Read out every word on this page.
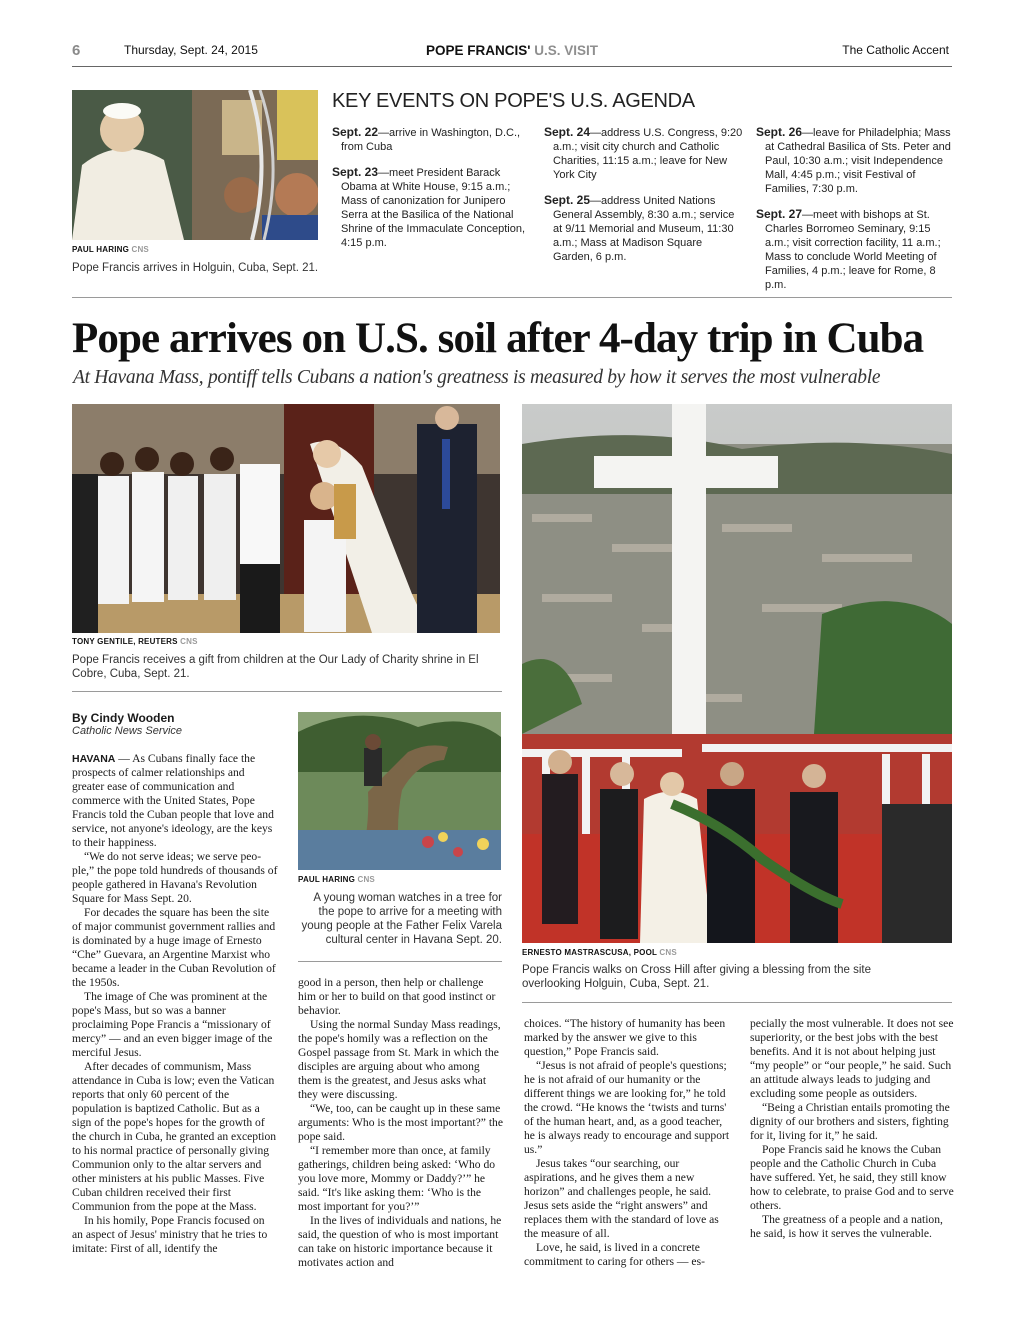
6	Thursday, Sept. 24, 2015	POPE FRANCIS' U.S. VISIT	The Catholic Accent
PAUL HARING CNS
Pope Francis arrives in Holguin, Cuba, Sept. 21.
KEY EVENTS ON POPE'S U.S. AGENDA

Sept. 22—arrive in Washington, D.C., from Cuba

Sept. 23—meet President Barack Obama at White House, 9:15 a.m.; Mass of canonization for Junipero Serra at the Basilica of the National Shrine of the Immaculate Conception, 4:15 p.m.

Sept. 24—address U.S. Congress, 9:20 a.m.; visit city church and Catholic Charities, 11:15 a.m.; leave for New York City

Sept. 25—address United Nations General Assembly, 8:30 a.m.; service at 9/11 Memorial and Museum, 11:30 a.m.; Mass at Madison Square Garden, 6 p.m.

Sept. 26—leave for Philadelphia; Mass at Cathedral Basilica of Sts. Peter and Paul, 10:30 a.m.; visit Independence Mall, 4:45 p.m.; visit Festival of Families, 7:30 p.m.

Sept. 27—meet with bishops at St. Charles Borromeo Seminary, 9:15 a.m.; visit correction facility, 11 a.m.; Mass to conclude World Meeting of Families, 4 p.m.; leave for Rome, 8 p.m.

Pope arrives on U.S. soil after 4-day trip in Cuba
At Havana Mass, pontiff tells Cubans a nation's greatness is measured by how it serves the most vulnerable
TONY GENTILE, REUTERS CNS
Pope Francis receives a gift from children at the Our Lady of Charity shrine in El Cobre, Cuba, Sept. 21.
ERNESTO MASTRASCUSA, POOL CNS
Pope Francis walks on Cross Hill after giving a blessing from the site overlooking Holguin, Cuba, Sept. 21.
PAUL HARING CNS
A young woman watches in a tree for the pope to arrive for a meeting with young people at the Father Felix Varela cultural center in Havana Sept. 20.
By Cindy Wooden
Catholic News Service

HAVANA — As Cubans finally face the prospects of calmer relationships and greater ease of communication and commerce with the United States, Pope Francis told the Cuban people that love and service, not anyone's ideology, are the keys to their happiness.

“We do not serve ideas; we serve people,” the pope told hundreds of thousands of people gathered in Havana's Revolution Square for Mass Sept. 20.

For decades the square has been the site of major communist government rallies and is dominated by a huge image of Ernesto “Che” Guevara, an Argentine Marxist who became a leader in the Cuban Revolution of the 1950s.

The image of Che was prominent at the pope's Mass, but so was a banner proclaiming Pope Francis a “missionary of mercy” — and an even bigger image of the merciful Jesus.

After decades of communism, Mass attendance in Cuba is low; even the Vatican reports that only 60 percent of the population is baptized Catholic. But as a sign of the pope's hopes for the growth of the church in Cuba, he granted an exception to his normal practice of personally giving Communion only to the altar servers and other ministers at his public Masses. Five Cuban children received their first Communion from the pope at the Mass.

In his homily, Pope Francis focused on an aspect of Jesus' ministry that he tries to imitate: First of all, identify the

good in a person, then help or challenge him or her to build on that good instinct or behavior.

Using the normal Sunday Mass readings, the pope's homily was a reflection on the Gospel passage from St. Mark in which the disciples are arguing about who among them is the greatest, and Jesus asks what they were discussing.

“We, too, can be caught up in these same arguments: Who is the most important?” the pope said.

“I remember more than once, at family gatherings, children being asked: ‘Who do you love more, Mommy or Daddy?’” he said. “It's like asking them: ‘Who is the most important for you?’”

In the lives of individuals and nations, he said, the question of who is most important can take on historic importance because it motivates action and

choices. “The history of humanity has been marked by the answer we give to this question,” Pope Francis said.

“Jesus is not afraid of people's questions; he is not afraid of our humanity or the different things we are looking for,” he told the crowd. “He knows the ‘twists and turns' of the human heart, and, as a good teacher, he is always ready to encourage and support us.”

Jesus takes “our searching, our aspirations, and he gives them a new horizon” and challenges people, he said. Jesus sets aside the “right answers” and replaces them with the standard of love as the measure of all.

Love, he said, is lived in a concrete commitment to caring for others — es-

pecially the most vulnerable. It does not see superiority, or the best jobs with the best benefits. And it is not about helping just “my people” or “our people,” he said. Such an attitude always leads to judging and excluding some people as outsiders.

“Being a Christian entails promoting the dignity of our brothers and sisters, fighting for it, living for it,” he said.

Pope Francis said he knows the Cuban people and the Catholic Church in Cuba have suffered. Yet, he said, they still know how to celebrate, to praise God and to serve others.

The greatness of a people and a nation, he said, is how it serves the vulnerable.
